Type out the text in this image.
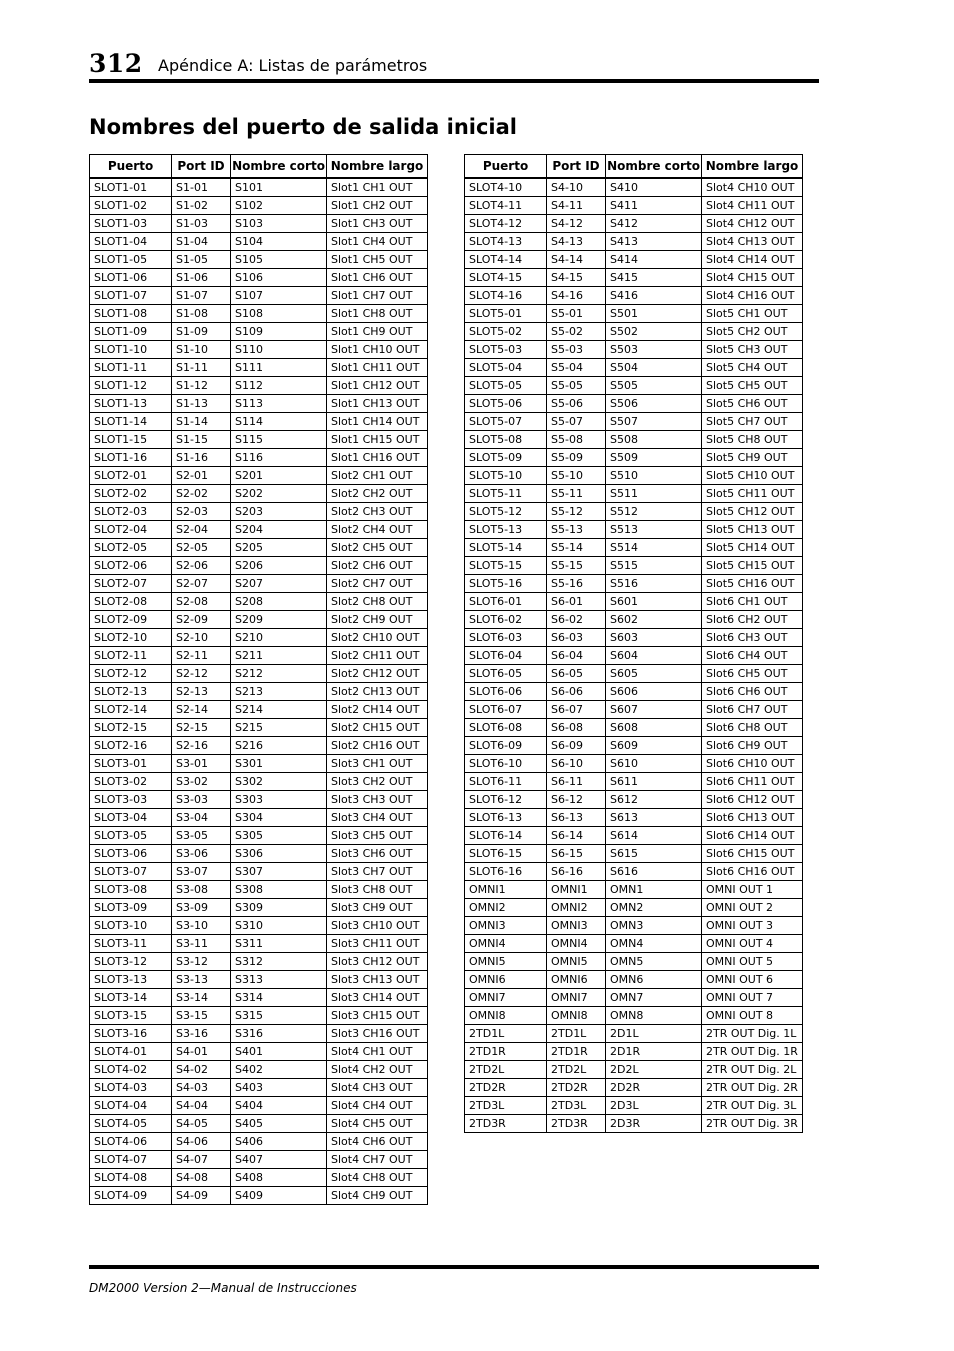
312 Apéndice A: Listas de parámetros
Nombres del puerto de salida inicial
Puerto	Port ID	Nombre corto	Nombre largo
SLOT1-01	S1-01	S101	Slot1 CH1 OUT
SLOT1-02	S1-02	S102	Slot1 CH2 OUT
SLOT1-03	S1-03	S103	Slot1 CH3 OUT
SLOT1-04	S1-04	S104	Slot1 CH4 OUT
SLOT1-05	S1-05	S105	Slot1 CH5 OUT
SLOT1-06	S1-06	S106	Slot1 CH6 OUT
SLOT1-07	S1-07	S107	Slot1 CH7 OUT
SLOT1-08	S1-08	S108	Slot1 CH8 OUT
SLOT1-09	S1-09	S109	Slot1 CH9 OUT
SLOT1-10	S1-10	S110	Slot1 CH10 OUT
SLOT1-11	S1-11	S111	Slot1 CH11 OUT
SLOT1-12	S1-12	S112	Slot1 CH12 OUT
SLOT1-13	S1-13	S113	Slot1 CH13 OUT
SLOT1-14	S1-14	S114	Slot1 CH14 OUT
SLOT1-15	S1-15	S115	Slot1 CH15 OUT
SLOT1-16	S1-16	S116	Slot1 CH16 OUT
SLOT2-01	S2-01	S201	Slot2 CH1 OUT
SLOT2-02	S2-02	S202	Slot2 CH2 OUT
SLOT2-03	S2-03	S203	Slot2 CH3 OUT
SLOT2-04	S2-04	S204	Slot2 CH4 OUT
SLOT2-05	S2-05	S205	Slot2 CH5 OUT
SLOT2-06	S2-06	S206	Slot2 CH6 OUT
SLOT2-07	S2-07	S207	Slot2 CH7 OUT
SLOT2-08	S2-08	S208	Slot2 CH8 OUT
SLOT2-09	S2-09	S209	Slot2 CH9 OUT
SLOT2-10	S2-10	S210	Slot2 CH10 OUT
SLOT2-11	S2-11	S211	Slot2 CH11 OUT
SLOT2-12	S2-12	S212	Slot2 CH12 OUT
SLOT2-13	S2-13	S213	Slot2 CH13 OUT
SLOT2-14	S2-14	S214	Slot2 CH14 OUT
SLOT2-15	S2-15	S215	Slot2 CH15 OUT
SLOT2-16	S2-16	S216	Slot2 CH16 OUT
SLOT3-01	S3-01	S301	Slot3 CH1 OUT
SLOT3-02	S3-02	S302	Slot3 CH2 OUT
SLOT3-03	S3-03	S303	Slot3 CH3 OUT
SLOT3-04	S3-04	S304	Slot3 CH4 OUT
SLOT3-05	S3-05	S305	Slot3 CH5 OUT
SLOT3-06	S3-06	S306	Slot3 CH6 OUT
SLOT3-07	S3-07	S307	Slot3 CH7 OUT
SLOT3-08	S3-08	S308	Slot3 CH8 OUT
SLOT3-09	S3-09	S309	Slot3 CH9 OUT
SLOT3-10	S3-10	S310	Slot3 CH10 OUT
SLOT3-11	S3-11	S311	Slot3 CH11 OUT
SLOT3-12	S3-12	S312	Slot3 CH12 OUT
SLOT3-13	S3-13	S313	Slot3 CH13 OUT
SLOT3-14	S3-14	S314	Slot3 CH14 OUT
SLOT3-15	S3-15	S315	Slot3 CH15 OUT
SLOT3-16	S3-16	S316	Slot3 CH16 OUT
SLOT4-01	S4-01	S401	Slot4 CH1 OUT
SLOT4-02	S4-02	S402	Slot4 CH2 OUT
SLOT4-03	S4-03	S403	Slot4 CH3 OUT
SLOT4-04	S4-04	S404	Slot4 CH4 OUT
SLOT4-05	S4-05	S405	Slot4 CH5 OUT
SLOT4-06	S4-06	S406	Slot4 CH6 OUT
SLOT4-07	S4-07	S407	Slot4 CH7 OUT
SLOT4-08	S4-08	S408	Slot4 CH8 OUT
SLOT4-09	S4-09	S409	Slot4 CH9 OUT
Puerto	Port ID	Nombre corto	Nombre largo
SLOT4-10	S4-10	S410	Slot4 CH10 OUT
SLOT4-11	S4-11	S411	Slot4 CH11 OUT
SLOT4-12	S4-12	S412	Slot4 CH12 OUT
SLOT4-13	S4-13	S413	Slot4 CH13 OUT
SLOT4-14	S4-14	S414	Slot4 CH14 OUT
SLOT4-15	S4-15	S415	Slot4 CH15 OUT
SLOT4-16	S4-16	S416	Slot4 CH16 OUT
SLOT5-01	S5-01	S501	Slot5 CH1 OUT
SLOT5-02	S5-02	S502	Slot5 CH2 OUT
SLOT5-03	S5-03	S503	Slot5 CH3 OUT
SLOT5-04	S5-04	S504	Slot5 CH4 OUT
SLOT5-05	S5-05	S505	Slot5 CH5 OUT
SLOT5-06	S5-06	S506	Slot5 CH6 OUT
SLOT5-07	S5-07	S507	Slot5 CH7 OUT
SLOT5-08	S5-08	S508	Slot5 CH8 OUT
SLOT5-09	S5-09	S509	Slot5 CH9 OUT
SLOT5-10	S5-10	S510	Slot5 CH10 OUT
SLOT5-11	S5-11	S511	Slot5 CH11 OUT
SLOT5-12	S5-12	S512	Slot5 CH12 OUT
SLOT5-13	S5-13	S513	Slot5 CH13 OUT
SLOT5-14	S5-14	S514	Slot5 CH14 OUT
SLOT5-15	S5-15	S515	Slot5 CH15 OUT
SLOT5-16	S5-16	S516	Slot5 CH16 OUT
SLOT6-01	S6-01	S601	Slot6 CH1 OUT
SLOT6-02	S6-02	S602	Slot6 CH2 OUT
SLOT6-03	S6-03	S603	Slot6 CH3 OUT
SLOT6-04	S6-04	S604	Slot6 CH4 OUT
SLOT6-05	S6-05	S605	Slot6 CH5 OUT
SLOT6-06	S6-06	S606	Slot6 CH6 OUT
SLOT6-07	S6-07	S607	Slot6 CH7 OUT
SLOT6-08	S6-08	S608	Slot6 CH8 OUT
SLOT6-09	S6-09	S609	Slot6 CH9 OUT
SLOT6-10	S6-10	S610	Slot6 CH10 OUT
SLOT6-11	S6-11	S611	Slot6 CH11 OUT
SLOT6-12	S6-12	S612	Slot6 CH12 OUT
SLOT6-13	S6-13	S613	Slot6 CH13 OUT
SLOT6-14	S6-14	S614	Slot6 CH14 OUT
SLOT6-15	S6-15	S615	Slot6 CH15 OUT
SLOT6-16	S6-16	S616	Slot6 CH16 OUT
OMNI1	OMNI1	OMN1	OMNI OUT 1
OMNI2	OMNI2	OMN2	OMNI OUT 2
OMNI3	OMNI3	OMN3	OMNI OUT 3
OMNI4	OMNI4	OMN4	OMNI OUT 4
OMNI5	OMNI5	OMN5	OMNI OUT 5
OMNI6	OMNI6	OMN6	OMNI OUT 6
OMNI7	OMNI7	OMN7	OMNI OUT 7
OMNI8	OMNI8	OMN8	OMNI OUT 8
2TD1L	2TD1L	2D1L	2TR OUT Dig. 1L
2TD1R	2TD1R	2D1R	2TR OUT Dig. 1R
2TD2L	2TD2L	2D2L	2TR OUT Dig. 2L
2TD2R	2TD2R	2D2R	2TR OUT Dig. 2R
2TD3L	2TD3L	2D3L	2TR OUT Dig. 3L
2TD3R	2TD3R	2D3R	2TR OUT Dig. 3R
DM2000 Version 2—Manual de Instrucciones
